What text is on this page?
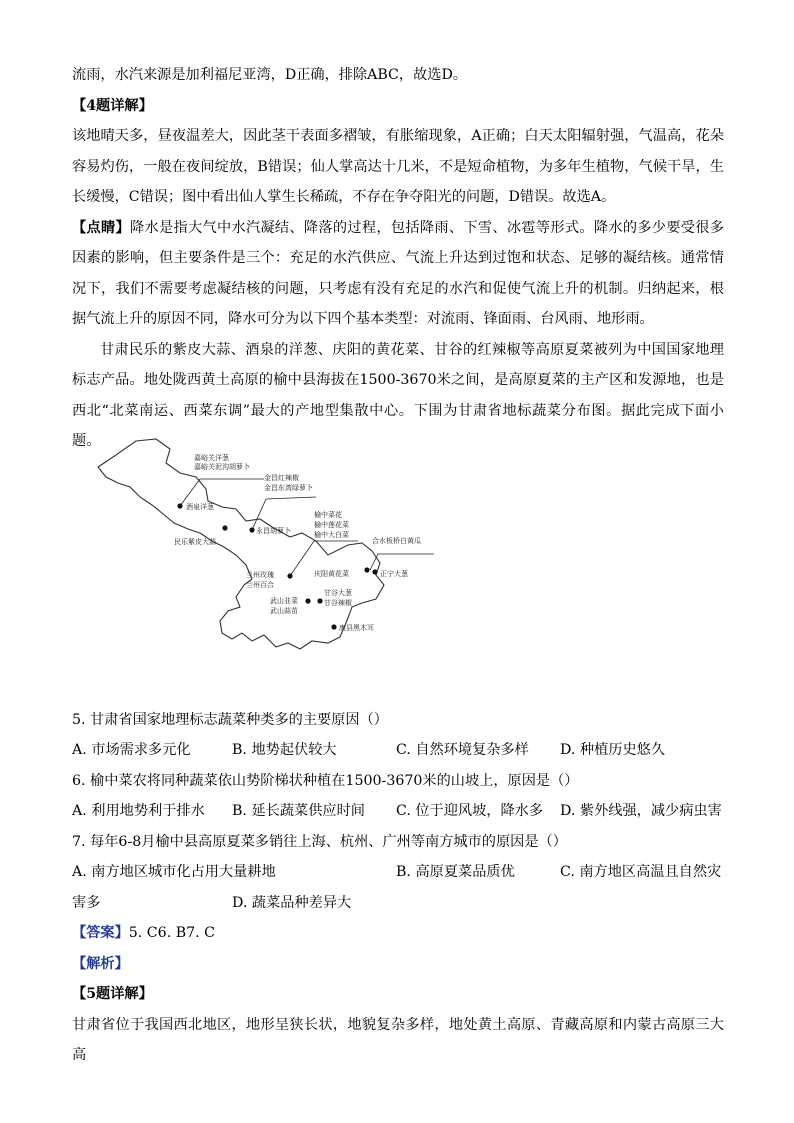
流雨，水汽来源是加利福尼亚湾，D正确，排除ABC，故选D。

【4题详解】

该地晴天多，昼夜温差大，因此茎干表面多褶皱，有胀缩现象，A正确；白天太阳辐射强，气温高，花朵容易灼伤，一般在夜间绽放，B错误；仙人掌高达十几米，不是短命植物，为多年生植物，气候干旱，生长缓慢，C错误；图中看出仙人掌生长稀疏，不存在争夺阳光的问题，D错误。故选A。

【点睛】降水是指大气中水汽凝结、降落的过程，包括降雨、下雪、冰雹等形式。降水的多少要受很多因素的影响，但主要条件是三个：充足的水汽供应、气流上升达到过饱和状态、足够的凝结核。通常情况下，我们不需要考虑凝结核的问题，只考虑有没有充足的水汽和促使气流上升的机制。归纳起来，根据气流上升的原因不同，降水可分为以下四个基本类型：对流雨、锋面雨、台风雨、地形雨。

甘肃民乐的紫皮大蒜、酒泉的洋葱、庆阳的黄花菜、甘谷的红辣椒等高原夏菜被列为中国国家地理标志产品。地处陇西黄土高原的榆中县海拔在1500-3670米之间，是高原夏菜的主产区和发源地，也是西北“北菜南运、西菜东调”最大的产地型集散中心。下围为甘肃省地标蔬菜分布图。据此完成下面小题。

5. 甘肃省国家地理标志蔬菜种类多的主要原因（）

A. 市场需求多元化	B. 地势起伏较大	C. 自然环境复杂多样 D. 种植历史悠久

6. 榆中菜农将同种蔬菜依山势阶梯状种植在1500-3670米的山坡上，原因是（）

A. 利用地势利于排水 B. 延长蔬菜供应时间 C. 位于迎风坡，降水多 D. 紫外线强，减少病虫害

7. 每年6-8月榆中县高原夏菜多销往上海、杭州、广州等南方城市的原因是（）

A. 南方地区城市化占用大量耕地	B. 高原夏菜品质优	C. 南方地区高温且自然灾
害多	D. 蔬菜品种差异大

【答案】5. C6. B7. C

【解析】

【5题详解】

甘肃省位于我国西北地区，地形呈狭长状，地貌复杂多样，地处黄土高原、青藏高原和内蒙古高原三大高

嘉峪关洋葱
嘉峪关泥沟胡萝卜
金昌红辣椒
金昌东湾绿萝卜
酒泉洋葱
永昌胡萝卜
民乐紫皮大蒜
榆中菜花
榆中莲花菜
榆中大白菜
合水板桥白黄瓜
兰州玫瑰
兰州百合
庆阳黄花菜	正宁大葱
武山韭菜
武山蒜苗
甘谷大葱
甘谷辣椒
康县黑木耳
